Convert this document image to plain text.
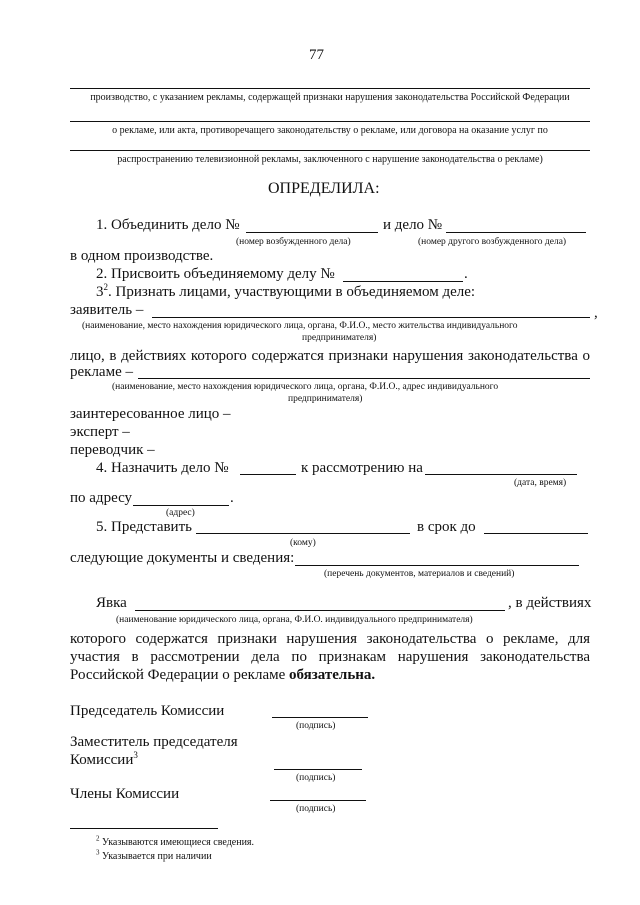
77
производство, с указанием рекламы, содержащей признаки нарушения законодательства Российской Федерации
о рекламе, или акта, противоречащего законодательству о рекламе, или договора на оказание услуг по
распространению телевизионной рекламы, заключенного с нарушение законодательства о рекламе)
ОПРЕДЕЛИЛА:
1. Объединить дело №	и дело №
(номер возбужденного дела)	(номер другого возбужденного дела)
в одном производстве.
2. Присвоить объединяемому делу №	.
$3^2$. Признать лицами, участвующими в объединяемом деле:
заявитель –	,
(наименование, место нахождения юридического лица, органа, Ф.И.О., место жительства индивидуального
предпринимателя)
лицо, в действиях которого содержатся признаки нарушения законодательства о
рекламе –
(наименование, место нахождения юридического лица, органа, Ф.И.О., адрес индивидуального
предпринимателя)
заинтересованное лицо –
эксперт –
переводчик –
4. Назначить дело №	к рассмотрению на
(дата, время)
по адресу	.
(адрес)
5. Представить	в срок до
(кому)
следующие документы и сведения:
(перечень документов, материалов и сведений)
Явка	, в действиях
(наименование юридического лица, органа, Ф.И.О. индивидуального предпринимателя)
которого содержатся признаки нарушения законодательства о рекламе, для
участия в рассмотрении дела по признакам нарушения законодательства
Российской Федерации о рекламе обязательна.
Председатель Комиссии
(подпись)
Заместитель председателя
Комиссии$^3$
(подпись)
Члены Комиссии
(подпись)
$^2$ Указываются имеющиеся сведения.
$^3$ Указывается при наличии
